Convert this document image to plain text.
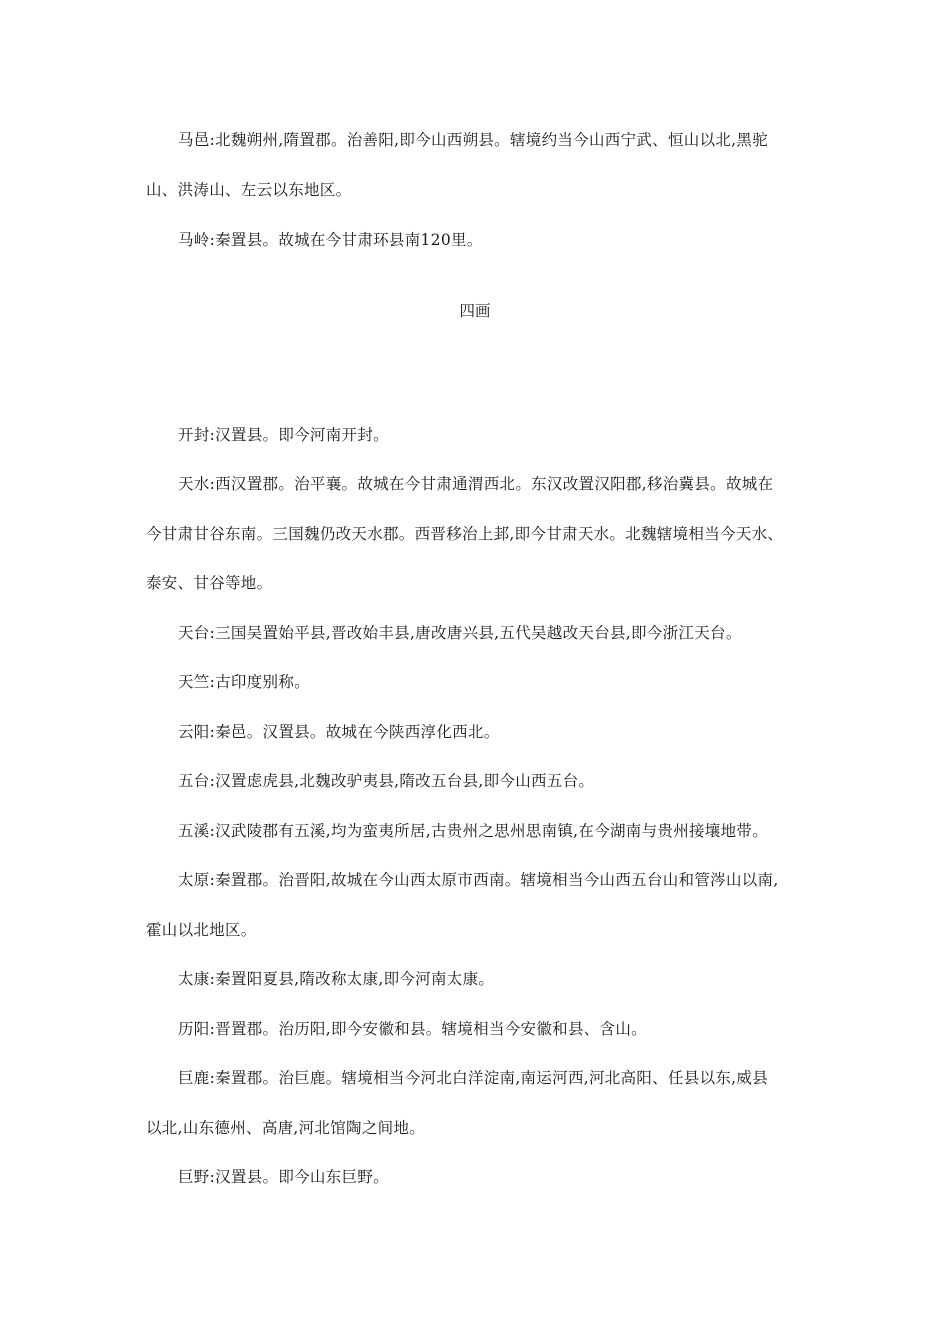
马邑:北魏朔州,隋置郡。治善阳,即今山西朔县。辖境约当今山西宁武、恒山以北,黑驼
山、洪涛山、左云以东地区。
马岭:秦置县。故城在今甘肃环县南120里。
四画
开封:汉置县。即今河南开封。
天水:西汉置郡。治平襄。故城在今甘肃通渭西北。东汉改置汉阳郡,移治冀县。故城在
今甘肃甘谷东南。三国魏仍改天水郡。西晋移治上邽,即今甘肃天水。北魏辖境相当今天水、
泰安、甘谷等地。
天台:三国吴置始平县,晋改始丰县,唐改唐兴县,五代吴越改天台县,即今浙江天台。
天竺:古印度别称。
云阳:秦邑。汉置县。故城在今陕西淳化西北。
五台:汉置虑虎县,北魏改驴夷县,隋改五台县,即今山西五台。
五溪:汉武陵郡有五溪,均为蛮夷所居,古贵州之思州思南镇,在今湖南与贵州接壤地带。
太原:秦置郡。治晋阳,故城在今山西太原市西南。辖境相当今山西五台山和管涔山以南,
霍山以北地区。
太康:秦置阳夏县,隋改称太康,即今河南太康。
历阳:晋置郡。治历阳,即今安徽和县。辖境相当今安徽和县、含山。
巨鹿:秦置郡。治巨鹿。辖境相当今河北白洋淀南,南运河西,河北高阳、任县以东,威县
以北,山东德州、高唐,河北馆陶之间地。
巨野:汉置县。即今山东巨野。
